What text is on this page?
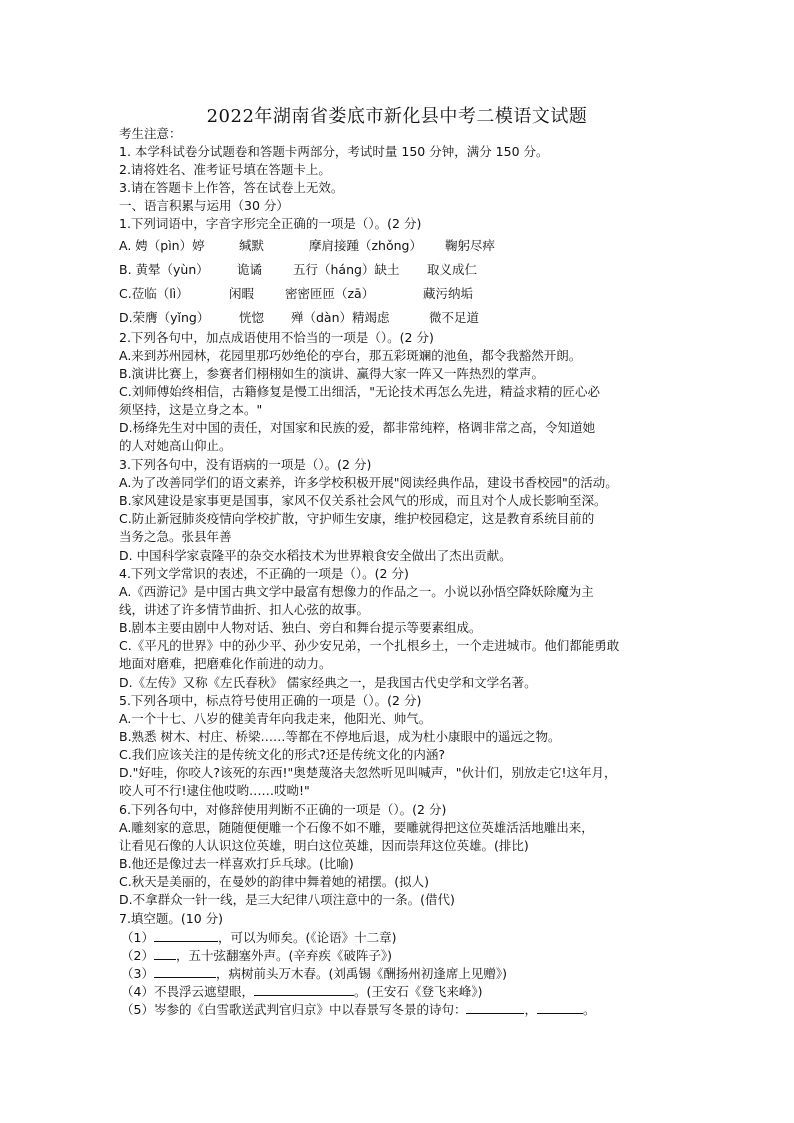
2022年湖南省娄底市新化县中考二模语文试题
考生注意：
1. 本学科试卷分试题卷和答题卡两部分，考试时量 150 分钟，满分 150 分。
2.请将姓名、准考证号填在答题卡上。
3.请在答题卡上作答，答在试卷上无效。
一、语言积累与运用（30 分）
1.下列词语中，字音字形完全正确的一项是（）。(2 分)
A. 娉（pìn）婷	缄默	摩肩接踵（zhǒng） 鞠躬尽瘁
B. 黄晕（yùn） 诡谲 五行（háng）缺土 取义成仁
C.莅临（lì）	闲暇 密密匝匝（zā）	藏污纳垢
D.荣膺（yǐng） 恍惚 殚（dàn）精竭虑	微不足道
2.下列各句中，加点成语使用不恰当的一项是（）。(2 分)
A.来到苏州园林，花园里那巧妙绝伦的亭台，那五彩斑斓的池鱼，都令我豁然开朗。
B.演讲比赛上，参赛者们栩栩如生的演讲、赢得大家一阵又一阵热烈的掌声。
C.刘师傅始终相信，古籍修复是慢工出细活，"无论技术再怎么先进，精益求精的匠心必
须坚持，这是立身之本。"
D.杨绛先生对中国的责任，对国家和民族的爱，都非常纯粹，格调非常之高，令知道她
的人对她高山仰止。
3.下列各句中，没有语病的一项是（）。(2 分)
A.为了改善同学们的语文素养，许多学校积极开展"阅读经典作品，建设书香校园"的活动。
B.家风建设是家事更是国事，家风不仅关系社会风气的形成，而且对个人成长影响至深。
C.防止新冠肺炎疫情向学校扩散，守护师生安康，维护校园稳定，这是教育系统目前的
当务之急。张县年善
D. 中国科学家袁隆平的杂交水稻技术为世界粮食安全做出了杰出贡献。
4.下列文学常识的表述，不正确的一项是（）。(2 分)
A.《西游记》是中国古典文学中最富有想像力的作品之一。小说以孙悟空降妖除魔为主
线，讲述了许多情节曲折、扣人心弦的故事。
B.剧本主要由剧中人物对话、独白、旁白和舞台提示等要素组成。
C.《平凡的世界》中的孙少平、孙少安兄弟，一个扎根乡土，一个走进城市。他们都能勇敢
地面对磨难，把磨难化作前进的动力。
D.《左传》又称《左氏春秋》 儒家经典之一，是我国古代史学和文学名著。
5.下列各项中，标点符号使用正确的一项是（）。(2 分)
A.一个十七、八岁的健美青年向我走来，他阳光、帅气。
B.熟悉 树木、村庄、桥梁……等都在不停地后退，成为杜小康眼中的遥远之物。
C.我们应该关注的是传统文化的形式?还是传统文化的内涵?
D."好哇，你咬人?该死的东西!"奥楚蔑洛夫忽然听见叫喊声，"伙计们，别放走它!这年月，
咬人可不行!逮住他哎哟……哎呦!"
6.下列各句中，对修辞使用判断不正确的一项是（）。(2 分)
A.雕刻家的意思，随随便便雕一个石像不如不雕，要雕就得把这位英雄活活地雕出来，
让看见石像的人认识这位英雄，明白这位英雄，因而崇拜这位英雄。(排比)
B.他还是像过去一样喜欢打乒乓球。(比喻)
C.秋天是美丽的，在曼妙的韵律中舞着她的裙摆。(拟人)
D.不拿群众一针一线，是三大纪律八项注意中的一条。(借代)
7.填空题。(10 分)
（1）	，可以为师矣。(《论语》十二章)
（2） ，五十弦翻塞外声。(辛弃疾《破阵子》)
（3）	，病树前头万木春。(刘禹锡《酬扬州初逢席上见赠》)
（4）不畏浮云遮望眼，	。(王安石《登飞来峰》)
（5）岑参的《白雪歌送武判官归京》中以春景写冬景的诗句：	，	。
